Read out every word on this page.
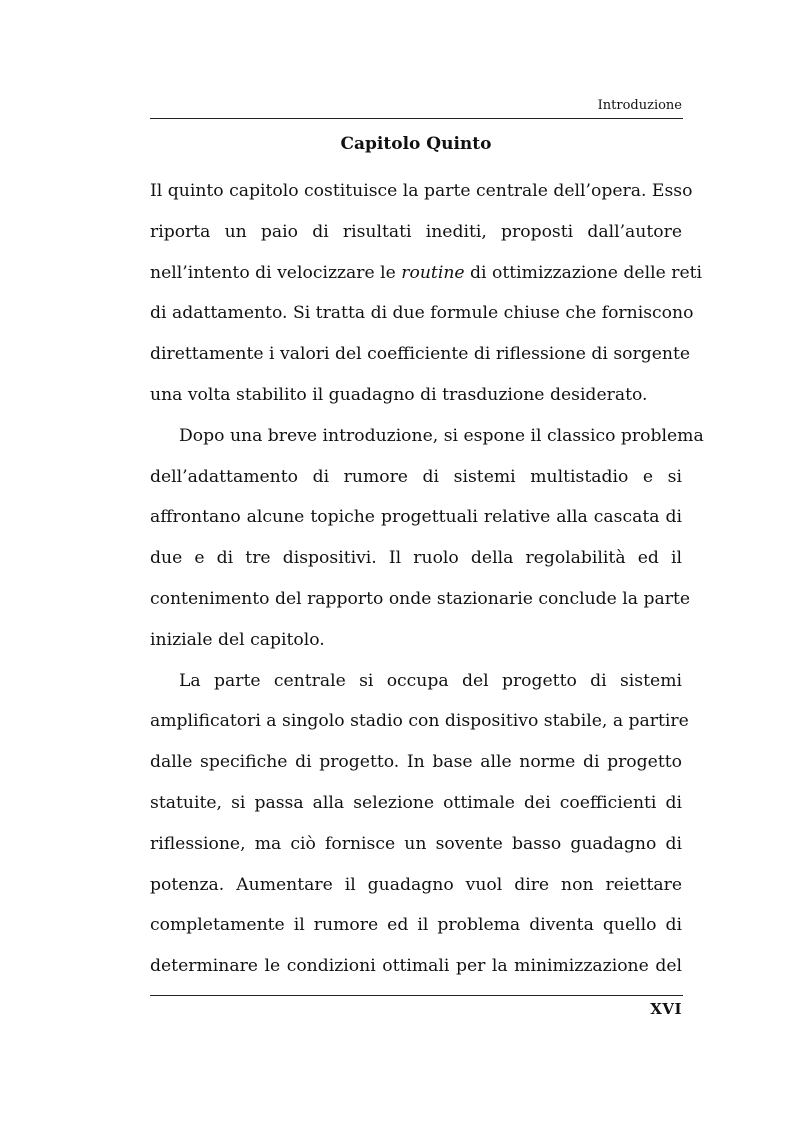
Introduzione
Capitolo Quinto
Il quinto capitolo costituisce la parte centrale dell’opera. Esso
riporta un paio di risultati inediti, proposti dall’autore
nell’intento di velocizzare le routine di ottimizzazione delle reti
di adattamento. Si tratta di due formule chiuse che forniscono
direttamente i valori del coefficiente di riflessione di sorgente
una volta stabilito il guadagno di trasduzione desiderato.
Dopo una breve introduzione, si espone il classico problema
dell’adattamento di rumore di sistemi multistadio e si
affrontano alcune topiche progettuali relative alla cascata di
due e di tre dispositivi. Il ruolo della regolabilità ed il
contenimento del rapporto onde stazionarie conclude la parte
iniziale del capitolo.
La parte centrale si occupa del progetto di sistemi
amplificatori a singolo stadio con dispositivo stabile, a partire
dalle specifiche di progetto. In base alle norme di progetto
statuite, si passa alla selezione ottimale dei coefficienti di
riflessione, ma ciò fornisce un sovente basso guadagno di
potenza. Aumentare il guadagno vuol dire non reiettare
completamente il rumore ed il problema diventa quello di
determinare le condizioni ottimali per la minimizzazione del
XVI
